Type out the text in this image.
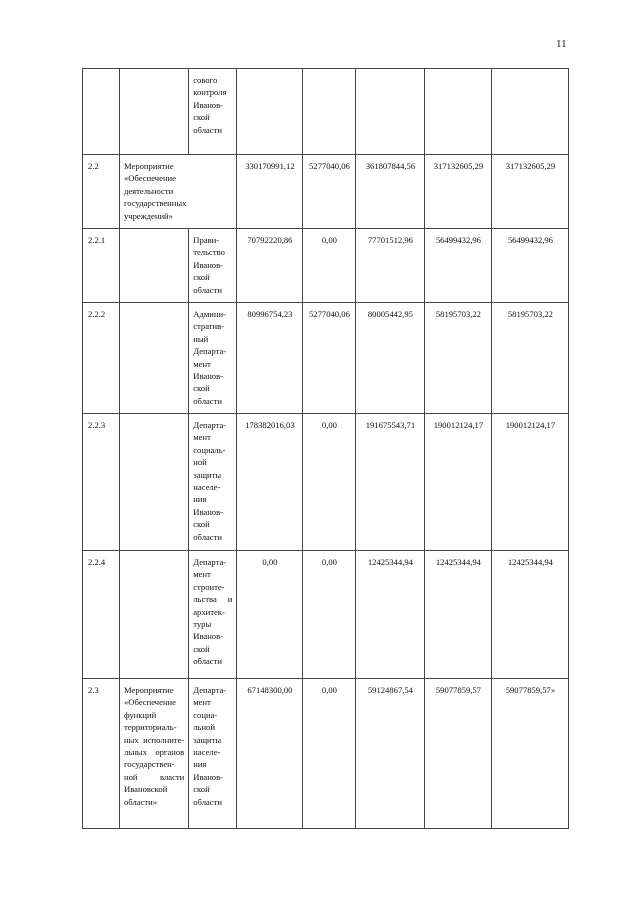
11
		сового контроля Иванов-ской области					
2.2	Мероприятие «Обеспечение деятельности государственных учреждений»		330170991,12	5277040,06	361807844,56	317132605,29	317132605,29
2.2.1		Прави-тельство Иванов-ской области	70792220,86	0,00	77701512,96	56499432,96	56499432,96
2.2.2		Админи-стратив-ный Департа-мент Иванов-ской области	80996754,23	5277040,06	80005442,95	58195703,22	58195703,22
2.2.3		Департа-мент социаль-ной защиты населе-ния Иванов-ской области	178382016,03	0,00	191675543,71	190012124,17	190012124,17
2.2.4		Департа-мент строите-льства и архитек-туры Иванов-ской области	0,00	0,00	12425344,94	12425344,94	12425344,94
2.3	Мероприятие «Обеспечение функций территориаль-ных исполните-льных органов государствен-ной власти Ивановской области»	Департа-мент социа-льной защиты населе-ния Иванов-ской области	67148300,00	0,00	59124867,54	59077859,57	59077859,57»
